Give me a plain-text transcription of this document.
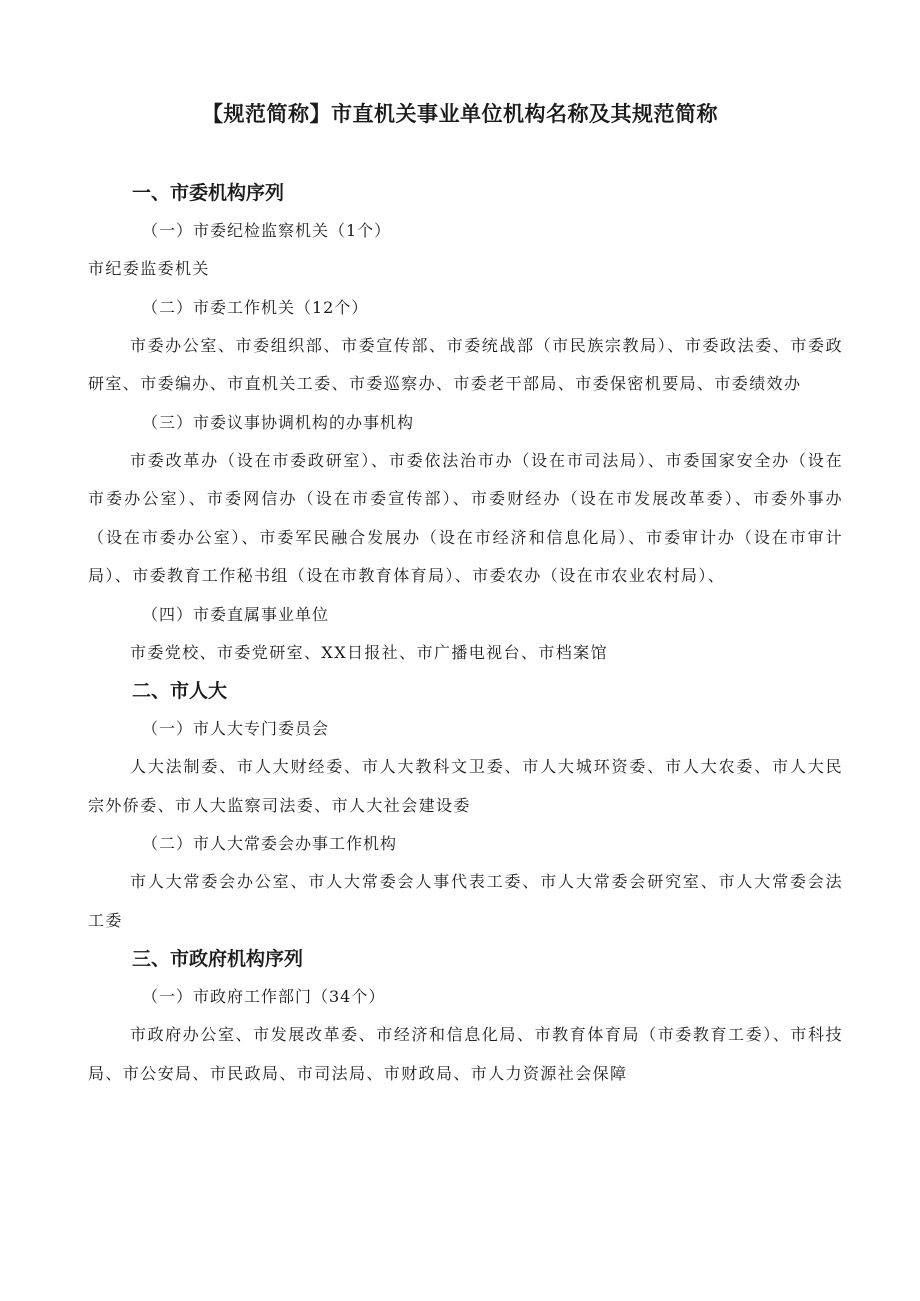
【规范简称】市直机关事业单位机构名称及其规范简称

一、市委机构序列

（一）市委纪检监察机关（1个）

市纪委监委机关

（二）市委工作机关（12个）

市委办公室、市委组织部、市委宣传部、市委统战部（市民族宗教局）、市委政法委、市委政研室、市委编办、市直机关工委、市委巡察办、市委老干部局、市委保密机要局、市委绩效办

（三）市委议事协调机构的办事机构

市委改革办（设在市委政研室）、市委依法治市办（设在市司法局）、市委国家安全办（设在市委办公室）、市委网信办（设在市委宣传部）、市委财经办（设在市发展改革委）、市委外事办（设在市委办公室）、市委军民融合发展办（设在市经济和信息化局）、市委审计办（设在市审计局）、市委教育工作秘书组（设在市教育体育局）、市委农办（设在市农业农村局）、

（四）市委直属事业单位

市委党校、市委党研室、XX日报社、市广播电视台、市档案馆

二、市人大

（一）市人大专门委员会

人大法制委、市人大财经委、市人大教科文卫委、市人大城环资委、市人大农委、市人大民宗外侨委、市人大监察司法委、市人大社会建设委

（二）市人大常委会办事工作机构

市人大常委会办公室、市人大常委会人事代表工委、市人大常委会研究室、市人大常委会法工委

三、市政府机构序列

（一）市政府工作部门（34个）

市政府办公室、市发展改革委、市经济和信息化局、市教育体育局（市委教育工委）、市科技局、市公安局、市民政局、市司法局、市财政局、市人力资源社会保障
